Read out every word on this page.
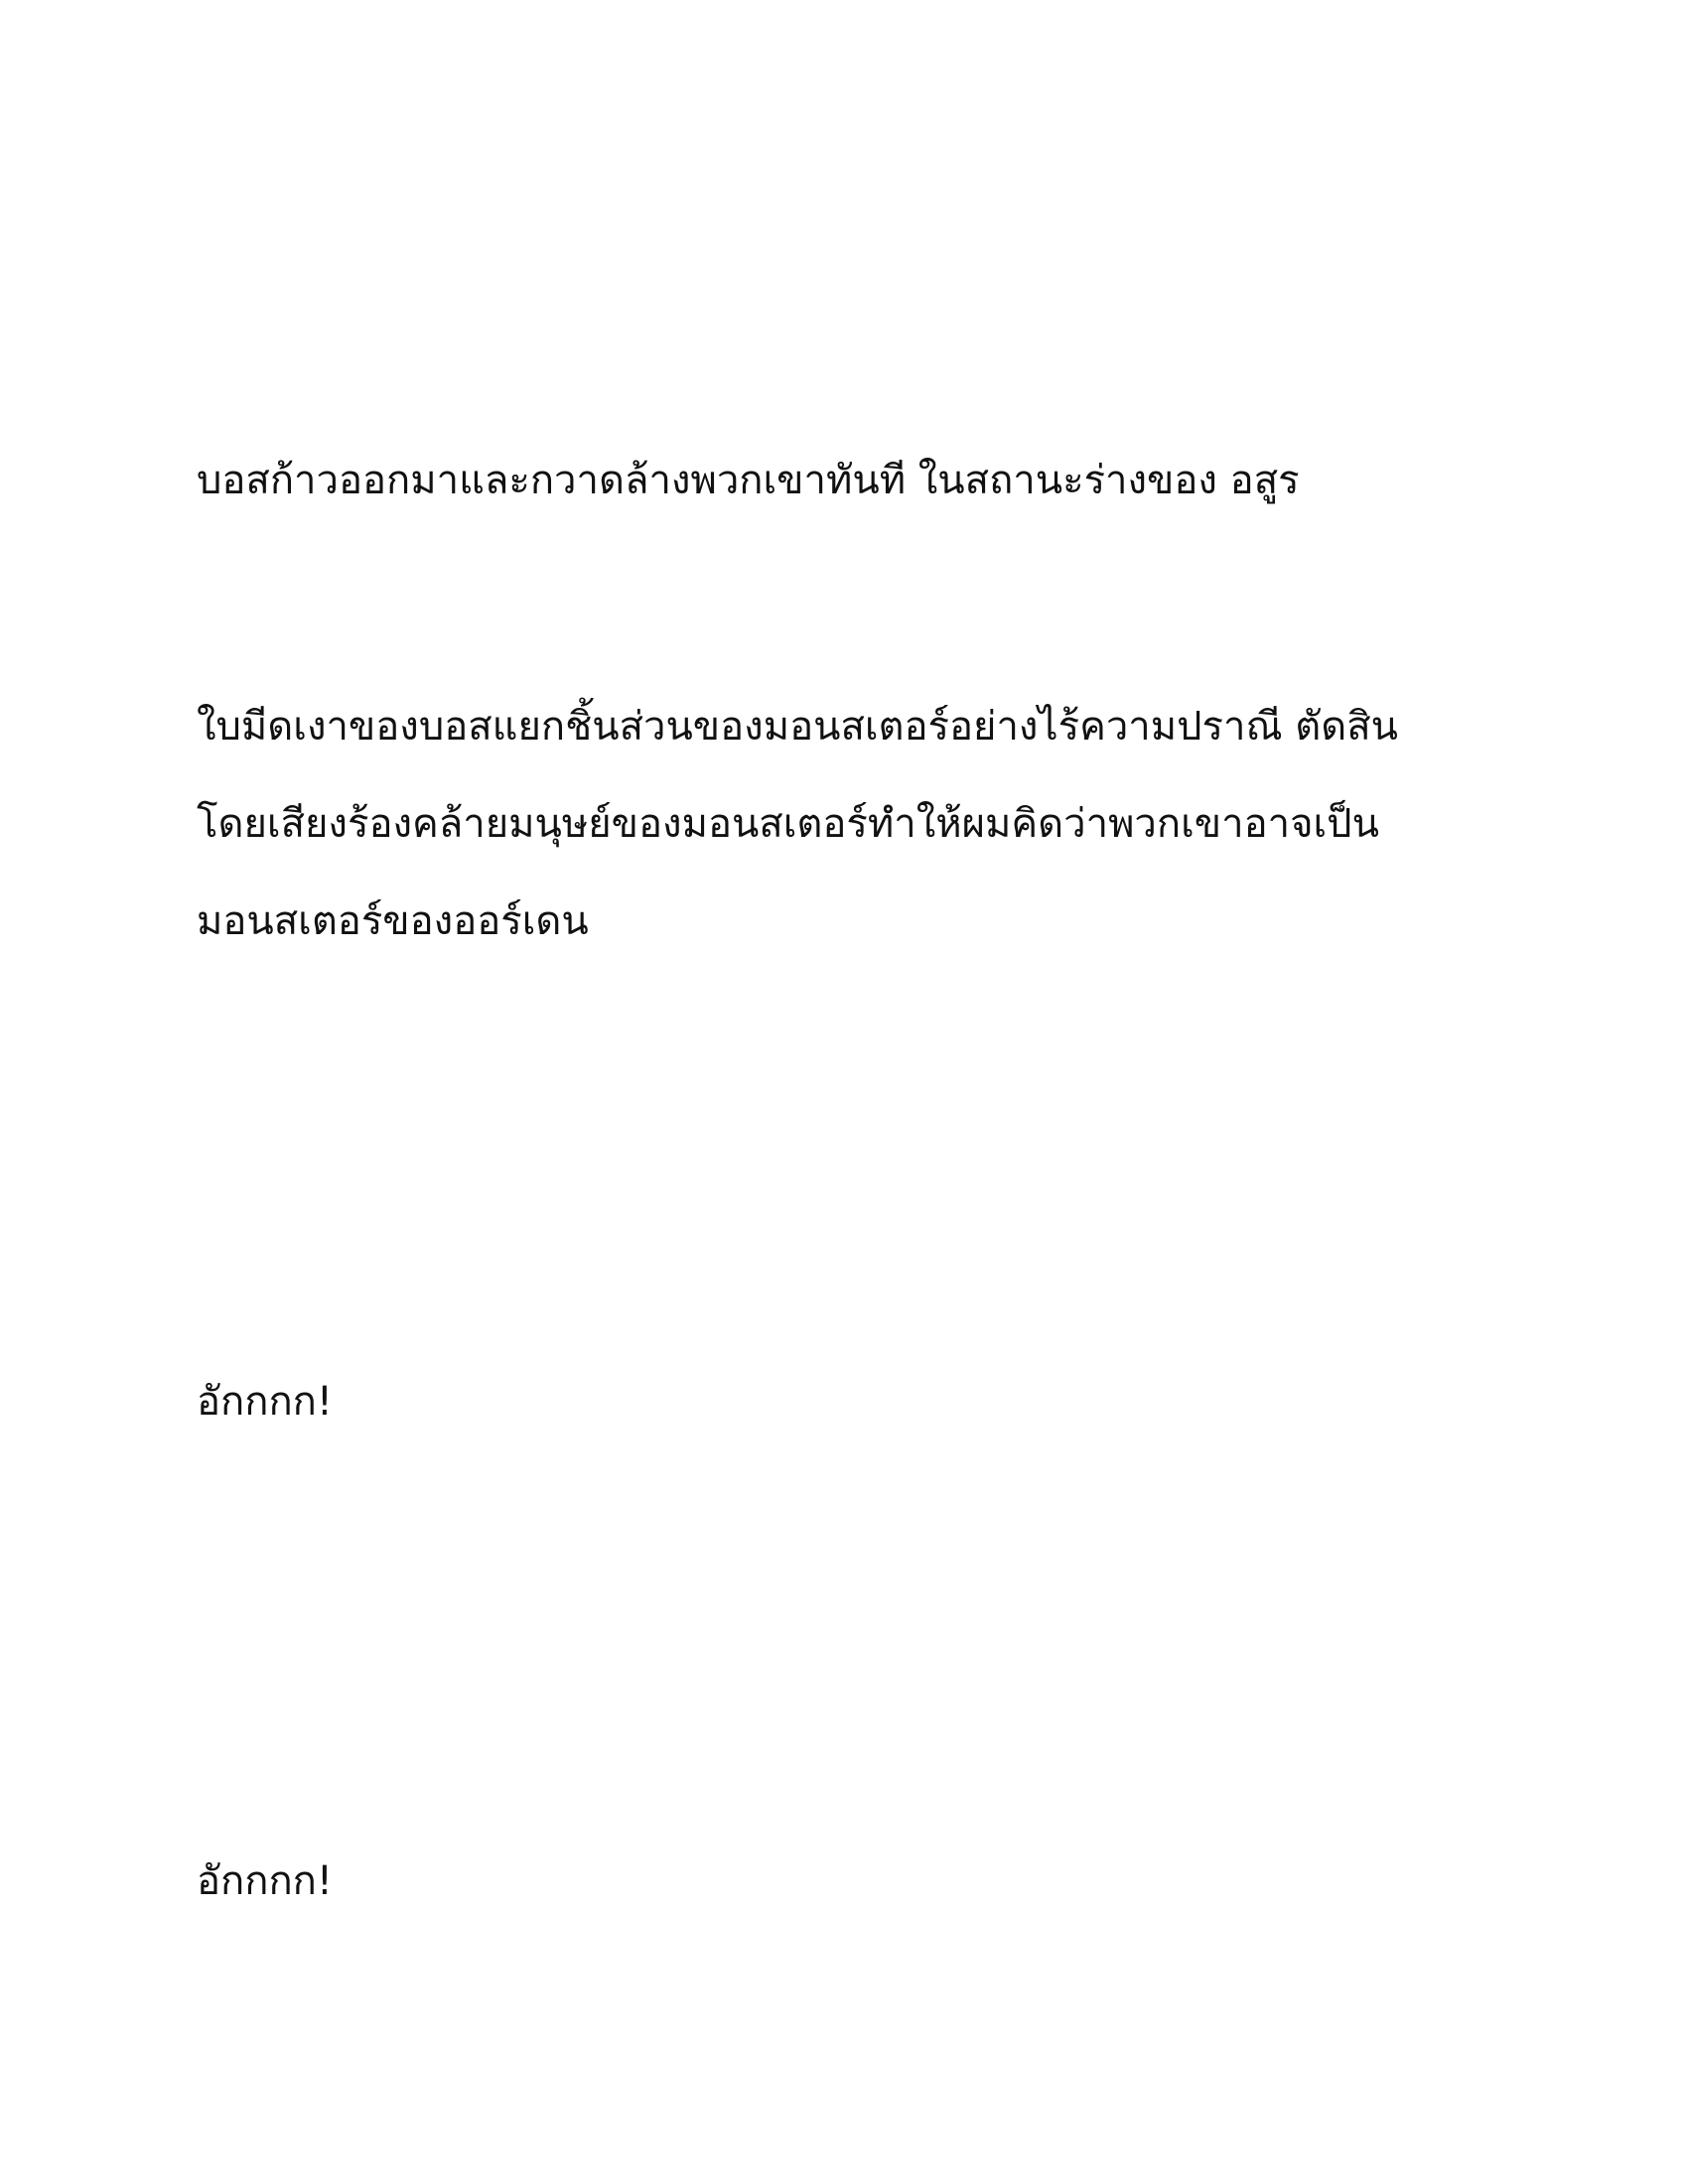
บอสก้าวออกมาและกวาดล้างพวกเขาทันที ในสถานะร่างของ อสูร

ใบมีดเงาของบอสแยกชิ้นส่วนของมอนสเตอร์อย่างไร้ความปราณี ตัดสิน

โดยเสียงร้องคล้ายมนุษย์ของมอนสเตอร์ทำให้ผมคิดว่าพวกเขาอาจเป็น

มอนสเตอร์ของออร์เดน

อักกกก!

อักกกก!
